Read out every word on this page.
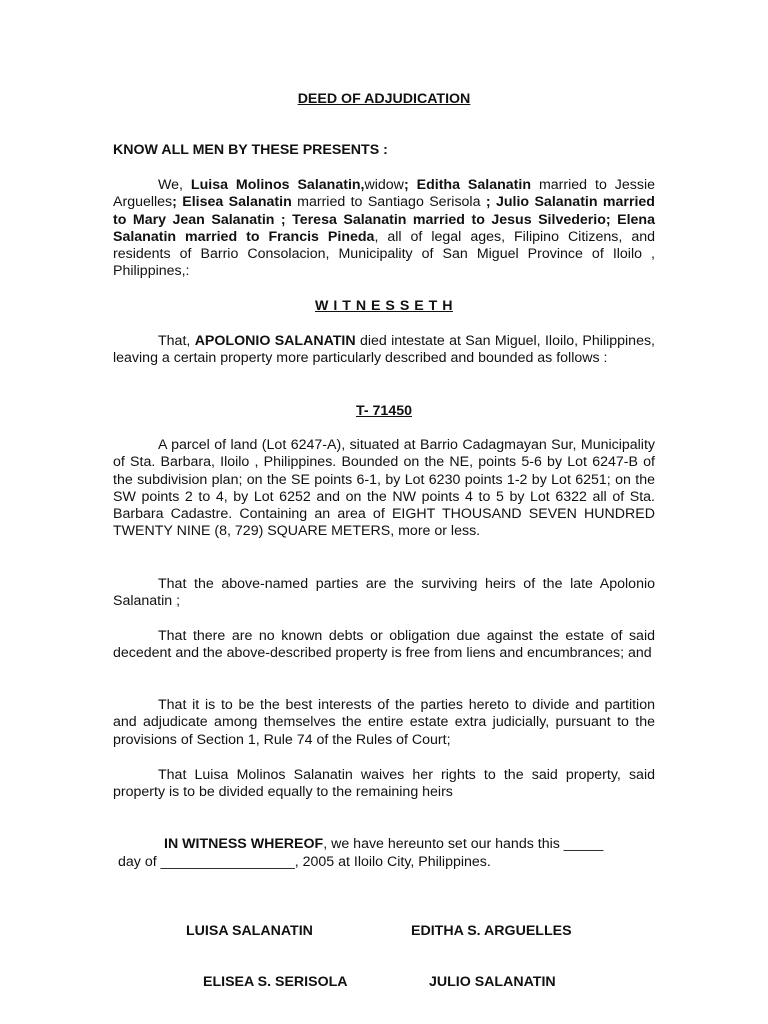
DEED OF ADJUDICATION
KNOW ALL MEN BY THESE PRESENTS :
We, Luisa Molinos Salanatin,widow; Editha Salanatin married to Jessie Arguelles; Elisea Salanatin married to Santiago Serisola ; Julio Salanatin married to Mary Jean Salanatin ; Teresa Salanatin married to Jesus Silvederio; Elena Salanatin married to Francis Pineda, all of legal ages, Filipino Citizens, and residents of Barrio Consolacion, Municipality of San Miguel Province of Iloilo , Philippines,:
W I T N E S S E T H
That, APOLONIO SALANATIN died intestate at San Miguel, Iloilo, Philippines, leaving a certain property more particularly described and bounded as follows :
T- 71450
A parcel of land (Lot 6247-A), situated at Barrio Cadagmayan Sur, Municipality of Sta. Barbara, Iloilo , Philippines. Bounded on the NE, points 5-6 by Lot 6247-B of the subdivision plan; on the SE points 6-1, by Lot 6230 points 1-2 by Lot 6251; on the SW points 2 to 4, by Lot 6252 and on the NW points 4 to 5 by Lot 6322 all of Sta. Barbara Cadastre. Containing an area of EIGHT THOUSAND SEVEN HUNDRED TWENTY NINE (8, 729) SQUARE METERS, more or less.
That the above-named parties are the surviving heirs of the late Apolonio Salanatin ;
That there are no known debts or obligation due against the estate of said decedent and the above-described property is free from liens and encumbrances; and
That it is to be the best interests of the parties hereto to divide and partition and adjudicate among themselves the entire estate extra judicially, pursuant to the provisions of Section 1, Rule 74 of the Rules of Court;
That Luisa Molinos Salanatin waives her rights to the said property, said property is to be divided equally to the remaining heirs
IN WITNESS WHEREOF, we have hereunto set our hands this _____
day of _________________, 2005 at Iloilo City, Philippines.
LUISA SALANATIN	EDITHA S. ARGUELLES
ELISEA S. SERISOLA	JULIO SALANATIN
